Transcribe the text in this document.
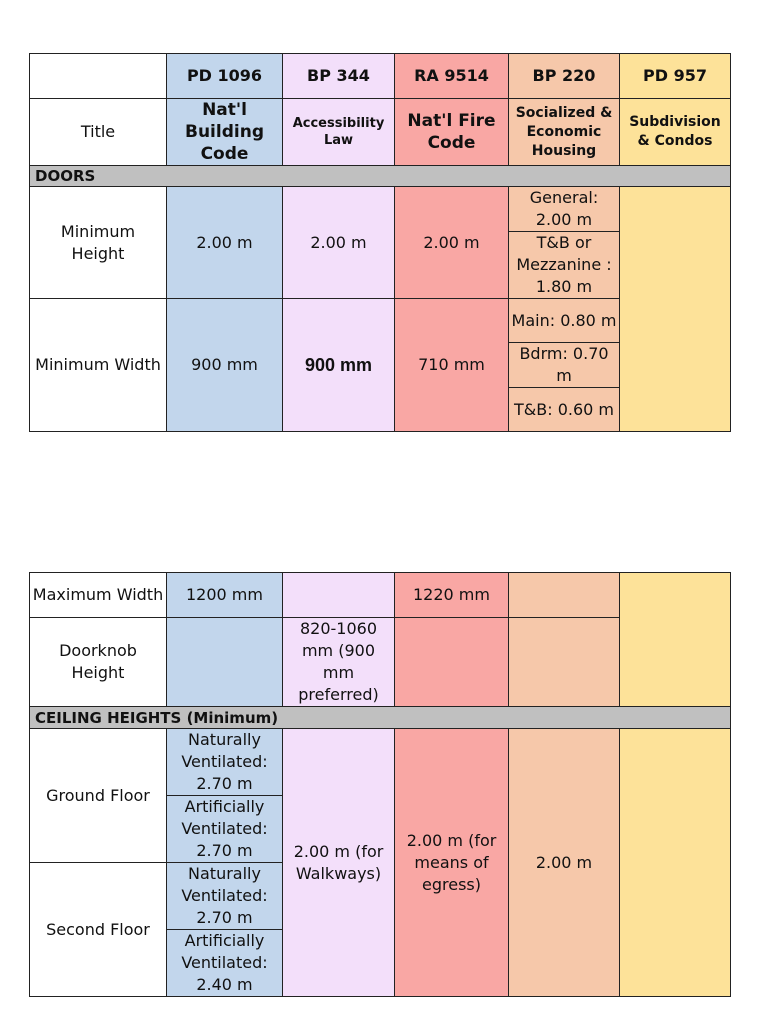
	PD 1096	BP 344	RA 9514	BP 220	PD 957
Title	Nat'l Building Code	Accessibility Law	Nat'l Fire Code	Socialized & Economic Housing	Subdivision & Condos
DOORS					
Minimum Height	2.00 m	2.00 m	2.00 m	General: 2.00 m	
				T&B or Mezzanine : 1.80 m	
Minimum Width	900 mm	900 mm	710 mm	Main: 0.80 m	
				Bdrm: 0.70 m	
				T&B: 0.60 m	
Maximum Width	1200 mm		1220 mm		
Doorknob Height		820-1060 mm (900 mm preferred)			
CEILING HEIGHTS (Minimum)					
Ground Floor	Naturally Ventilated: 2.70 m	2.00 m (for Walkways)	2.00 m (for means of egress)	2.00 m	
	Artificially Ventilated: 2.70 m				
Second Floor	Naturally Ventilated: 2.70 m				
	Artificially Ventilated: 2.40 m				
